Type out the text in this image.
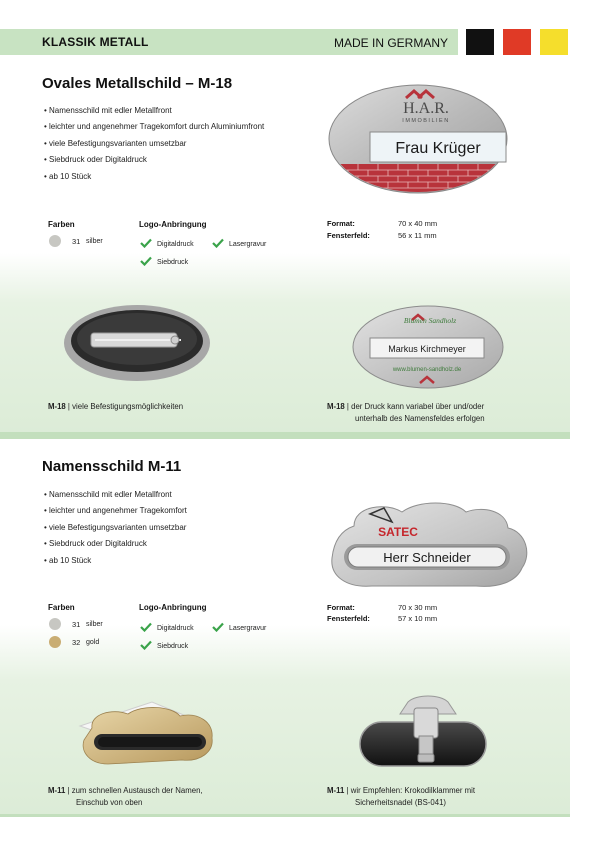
KLASSIK METALL	MADE IN GERMANY
Ovales Metallschild – M-18
• Namensschild mit edler Metallfront
• leichter und angenehmer Tragekomfort durch Aluminiumfront
• viele Befestigungsvarianten umsetzbar
• Siebdruck oder Digitaldruck
• ab 10 Stück
Farben
31 silber
Logo-Anbringung
Digitaldruck	Lasergravur
Siebdruck
Format:	70 x 40 mm
Fensterfeld:	56 x 11 mm
H.A.R.
IMMOBILIEN
Frau Krüger
Blumen Sandholz
Markus Kirchmeyer
www.blumen-sandholz.de
M-18 | viele Befestigungsmöglichkeiten	M-18 | der Druck kann variabel über und/oder
unterhalb des Namensfeldes erfolgen
Namensschild M-11
• Namensschild mit edler Metallfront
• leichter und angenehmer Tragekomfort
• viele Befestigungsvarianten umsetzbar
• Siebdruck oder Digitaldruck
• ab 10 Stück
Farben
31 silber
32 gold
Logo-Anbringung
Digitaldruck	Lasergravur
Siebdruck
Format:	70 x 30 mm
Fensterfeld:	57 x 10 mm
SATEC
Herr Schneider
M-11 | zum schnellen Austausch der Namen,
Einschub von oben
M-11 | wir Empfehlen: Krokodilklammer mit
Sicherheitsnadel (BS-041)
